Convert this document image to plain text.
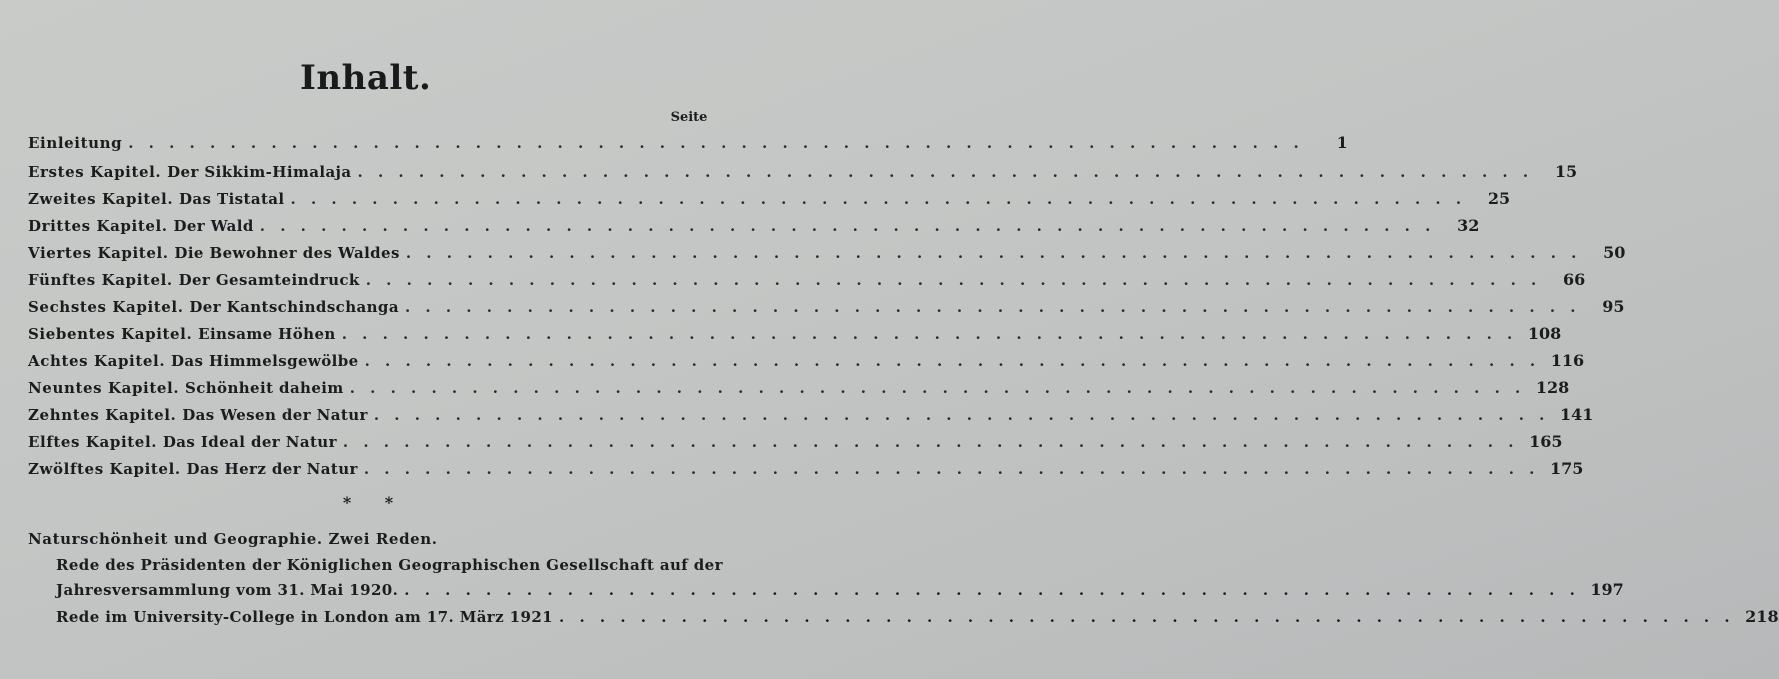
Inhalt.
Seite
Einleitung . . . . . . . . . . . . . . . . . . . . . . . . . . . . . . . . . . . . . . . . . . . . . . . . . . . . . . . . . .	1
Erstes Kapitel. Der Sikkim-Himalaja . . . . . . . . . . . . . . . . . . . . . . . . . . . . . . . . . . . . . . . . . . . . . . . . . . . . . . . . . .	15
Zweites Kapitel. Das Tistatal . . . . . . . . . . . . . . . . . . . . . . . . . . . . . . . . . . . . . . . . . . . . . . . . . . . . . . . . . .	25
Drittes Kapitel. Der Wald . . . . . . . . . . . . . . . . . . . . . . . . . . . . . . . . . . . . . . . . . . . . . . . . . . . . . . . . . .	32
Viertes Kapitel. Die Bewohner des Waldes . . . . . . . . . . . . . . . . . . . . . . . . . . . . . . . . . . . . . . . . . . . . . . . . . . . . . . . . . .	50
Fünftes Kapitel. Der Gesamteindruck . . . . . . . . . . . . . . . . . . . . . . . . . . . . . . . . . . . . . . . . . . . . . . . . . . . . . . . . . .	66
Sechstes Kapitel. Der Kantschindschanga . . . . . . . . . . . . . . . . . . . . . . . . . . . . . . . . . . . . . . . . . . . . . . . . . . . . . . . . . .	95
Siebentes Kapitel. Einsame Höhen . . . . . . . . . . . . . . . . . . . . . . . . . . . . . . . . . . . . . . . . . . . . . . . . . . . . . . . . . . 108
Achtes Kapitel. Das Himmelsgewölbe . . . . . . . . . . . . . . . . . . . . . . . . . . . . . . . . . . . . . . . . . . . . . . . . . . . . . . . . . . 116
Neuntes Kapitel. Schönheit daheim . . . . . . . . . . . . . . . . . . . . . . . . . . . . . . . . . . . . . . . . . . . . . . . . . . . . . . . . . . 128
Zehntes Kapitel. Das Wesen der Natur . . . . . . . . . . . . . . . . . . . . . . . . . . . . . . . . . . . . . . . . . . . . . . . . . . . . . . . . . . 141
Elftes Kapitel. Das Ideal der Natur . . . . . . . . . . . . . . . . . . . . . . . . . . . . . . . . . . . . . . . . . . . . . . . . . . . . . . . . . . 165
Zwölftes Kapitel. Das Herz der Natur . . . . . . . . . . . . . . . . . . . . . . . . . . . . . . . . . . . . . . . . . . . . . . . . . . . . . . . . . . 175
* *
Naturschönheit und Geographie. Zwei Reden.
Rede des Präsidenten der Königlichen Geographischen Gesellschaft auf der
Jahresversammlung vom 31. Mai 1920. . . . . . . . . . . . . . . . . . . . . . . . . . . . . . . . . . . . . . . . . . . . . . . . . . . . . . . . . . . 197
Rede im University-College in London am 17. März 1921 . . . . . . . . . . . . . . . . . . . . . . . . . . . . . . . . . . . . . . . . . . . . . . . . . . . . . . . . . . 218
